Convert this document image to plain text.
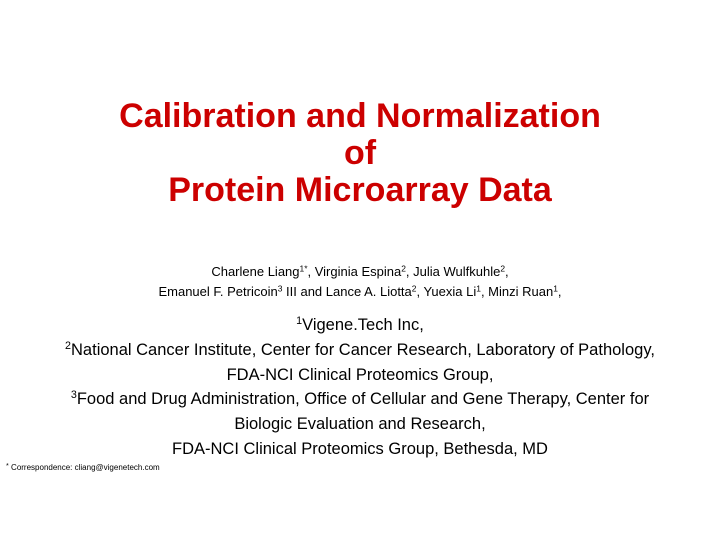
Calibration and Normalization
of
Protein Microarray Data
Charlene Liang$^{1*}$, Virginia Espina$^2$, Julia Wulfkuhle$^2$,
Emanuel F. Petricoin$^3$ III and Lance A. Liotta$^2$, Yuexia Li$^1$, Minzi Ruan$^1$,
$^1$Vigene.Tech Inc,
$^2$National Cancer Institute, Center for Cancer Research, Laboratory of Pathology,
FDA-NCI Clinical Proteomics Group,
$^3$Food and Drug Administration, Office of Cellular and Gene Therapy, Center for
Biologic Evaluation and Research,
FDA-NCI Clinical Proteomics Group, Bethesda, MD
* Correspondence: cliang@vigenetech.com
